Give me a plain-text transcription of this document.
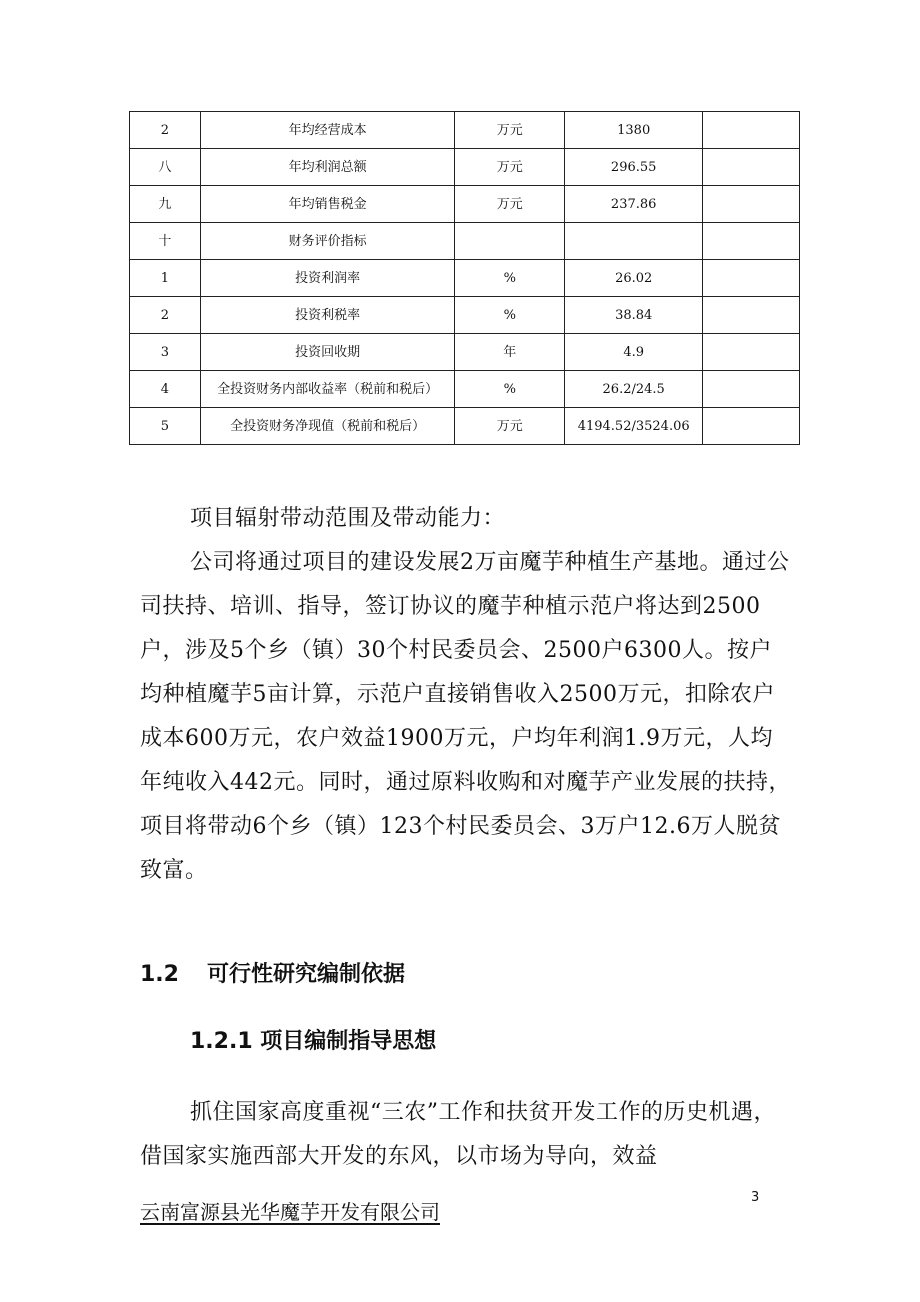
2	年均经营成本	万元	1380	
八	年均利润总额	万元	296.55	
九	年均销售税金	万元	237.86	
十	财务评价指标			
1	投资利润率	%	26.02	
2	投资利税率	%	38.84	
3	投资回收期	年	4.9	
4	全投资财务内部收益率（税前和税后）	%	26.2/24.5	
5	全投资财务净现值（税前和税后）	万元	4194.52/3524.06	

项目辐射带动范围及带动能力：

公司将通过项目的建设发展2万亩魔芋种植生产基地。通过公司扶持、培训、指导，签订协议的魔芋种植示范户将达到2500户，涉及5个乡（镇）30个村民委员会、2500户6300人。按户均种植魔芋5亩计算，示范户直接销售收入2500万元，扣除农户成本600万元，农户效益1900万元，户均年利润1.9万元，人均年纯收入442元。同时，通过原料收购和对魔芋产业发展的扶持，项目将带动6个乡（镇）123个村民委员会、3万户12.6万人脱贫致富。

1.2 可行性研究编制依据
1.2.1 项目编制指导思想

抓住国家高度重视“三农”工作和扶贫开发工作的历史机遇，借国家实施西部大开发的东风，以市场为导向，效益

云南富源县光华魔芋开发有限公司
3
